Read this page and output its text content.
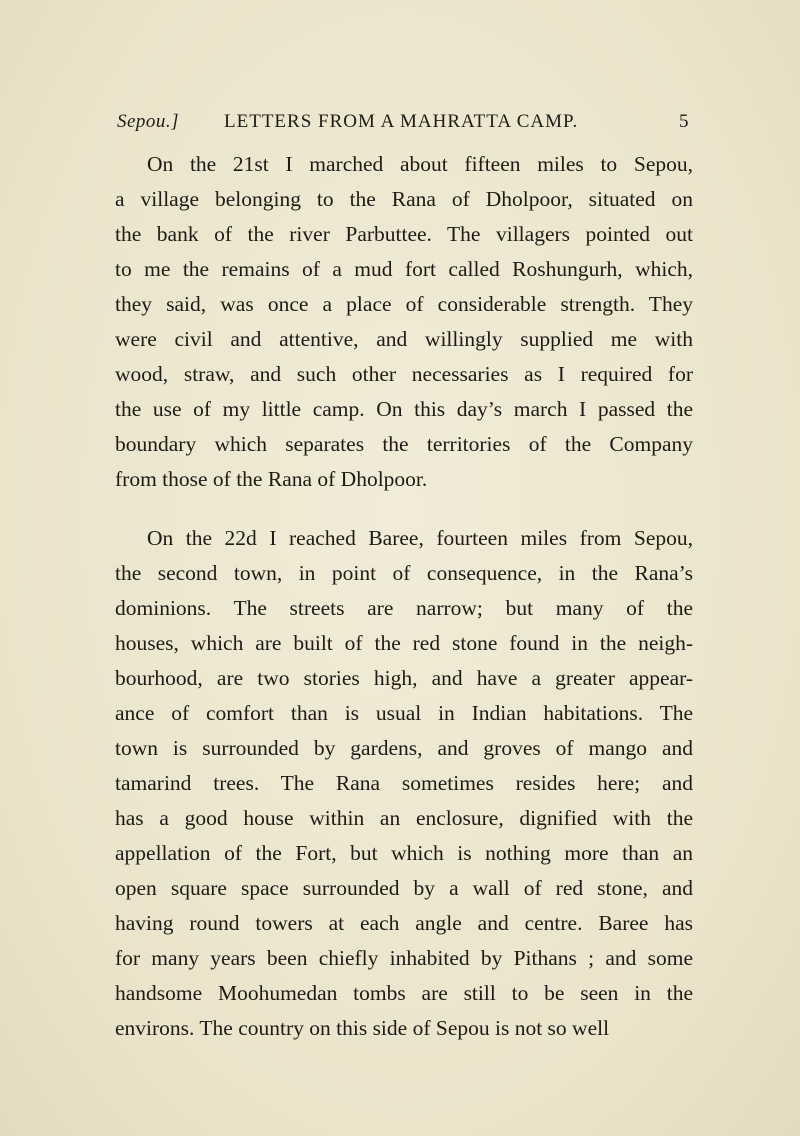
Sepou.] LETTERS FROM A MAHRATTA CAMP.	5

On the 21st I marched about fifteen miles to Sepou,
a village belonging to the Rana of Dholpoor, situated on
the bank of the river Parbuttee. The villagers pointed out
to me the remains of a mud fort called Roshungurh, which,
they said, was once a place of considerable strength. They
were civil and attentive, and willingly supplied me with
wood, straw, and such other necessaries as I required for
the use of my little camp. On this day’s march I passed the
boundary which separates the territories of the Company
from those of the Rana of Dholpoor.

On the 22d I reached Baree, fourteen miles from Sepou,
the second town, in point of consequence, in the Rana’s
dominions. The streets are narrow; but many of the
houses, which are built of the red stone found in the neigh-
bourhood, are two stories high, and have a greater appear-
ance of comfort than is usual in Indian habitations. The
town is surrounded by gardens, and groves of mango and
tamarind trees. The Rana sometimes resides here; and
has a good house within an enclosure, dignified with the
appellation of the Fort, but which is nothing more than an
open square space surrounded by a wall of red stone, and
having round towers at each angle and centre. Baree has
for many years been chiefly inhabited by Pithans ; and some
handsome Moohumedan tombs are still to be seen in the
environs. The country on this side of Sepou is not so well
